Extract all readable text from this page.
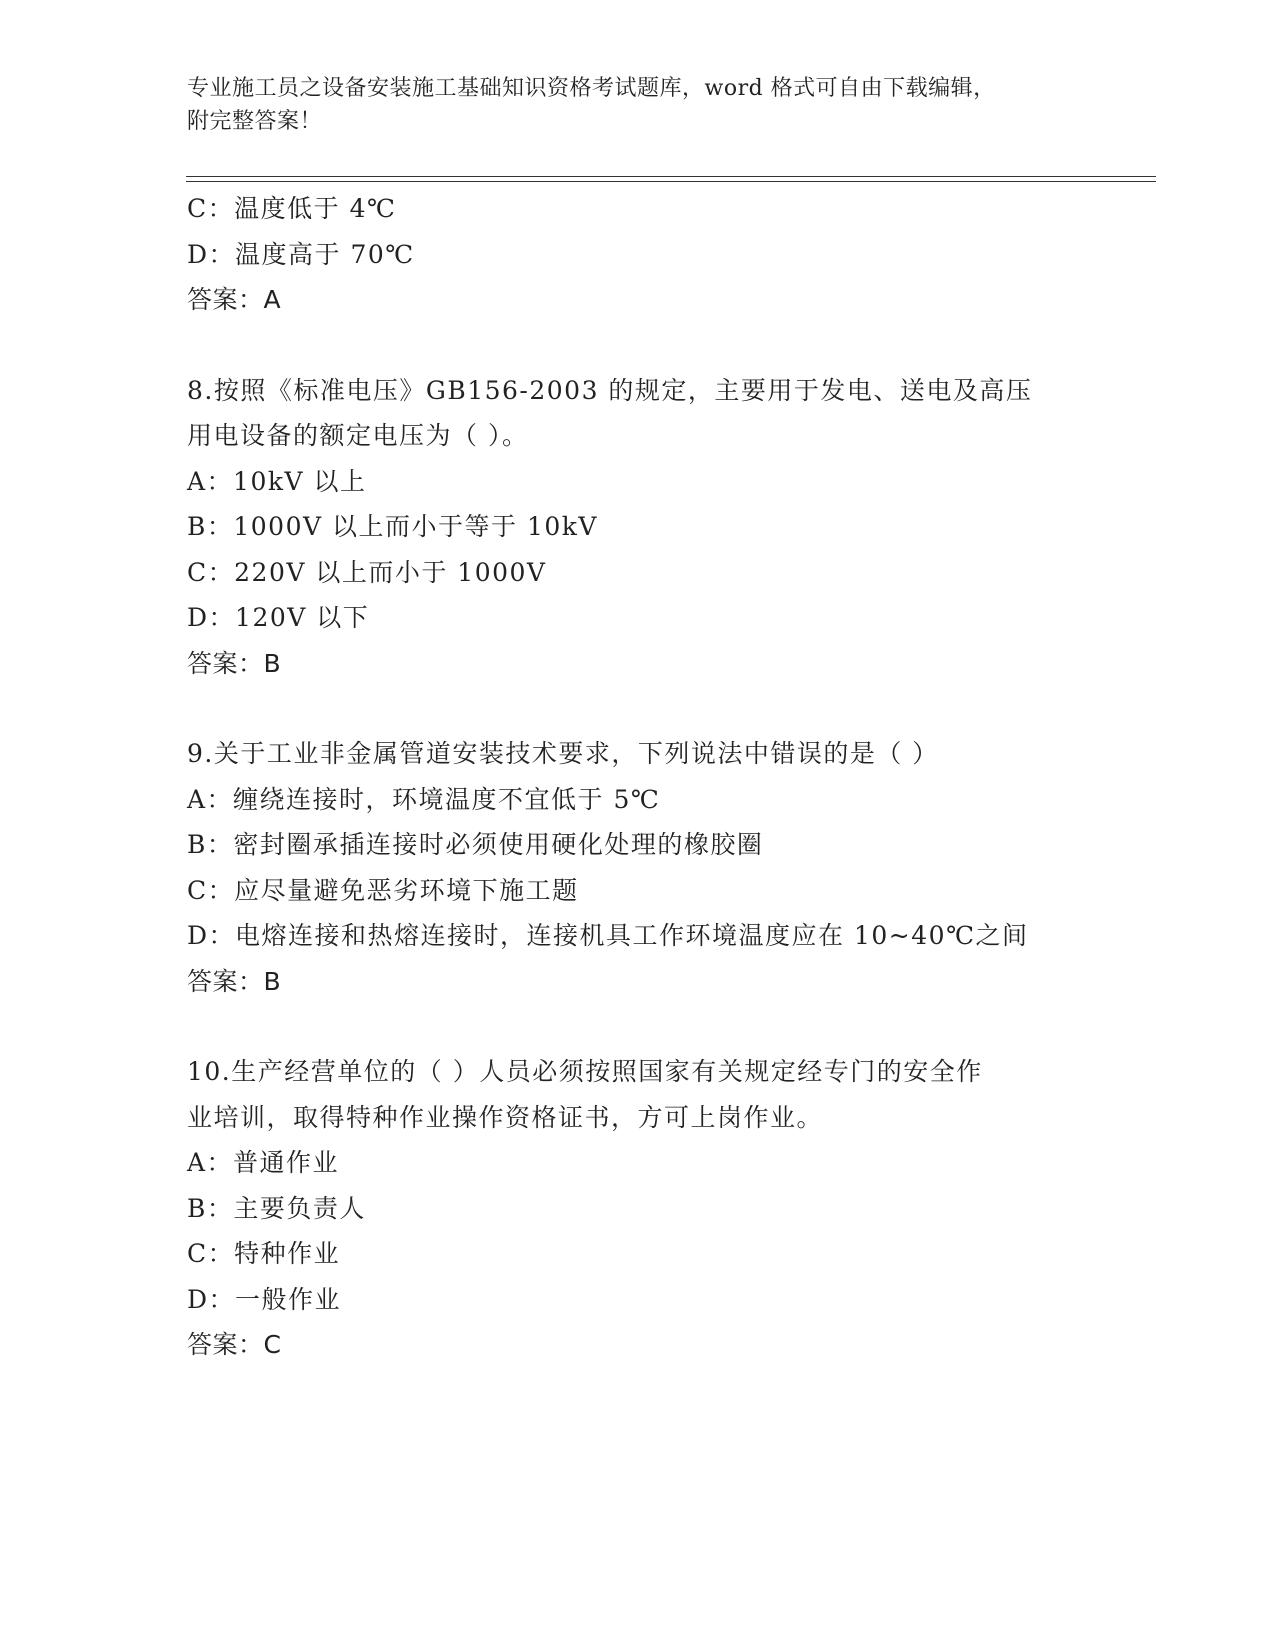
专业施工员之设备安装施工基础知识资格考试题库，word 格式可自由下载编辑，
附完整答案！
C：温度低于 4℃
D：温度高于 70℃
答案：A
8.按照《标准电压》GB156-2003 的规定，主要用于发电、送电及高压
用电设备的额定电压为（ ）。
A：10kV 以上
B：1000V 以上而小于等于 10kV
C：220V 以上而小于 1000V
D：120V 以下
答案：B
9.关于工业非金属管道安装技术要求，下列说法中错误的是（ ）
A：缠绕连接时，环境温度不宜低于 5℃
B：密封圈承插连接时必须使用硬化处理的橡胶圈
C：应尽量避免恶劣环境下施工题
D：电熔连接和热熔连接时，连接机具工作环境温度应在 10~40℃之间
答案：B
10.生产经营单位的（ ）人员必须按照国家有关规定经专门的安全作
业培训，取得特种作业操作资格证书，方可上岗作业。
A：普通作业
B：主要负责人
C：特种作业
D：一般作业
答案：C
